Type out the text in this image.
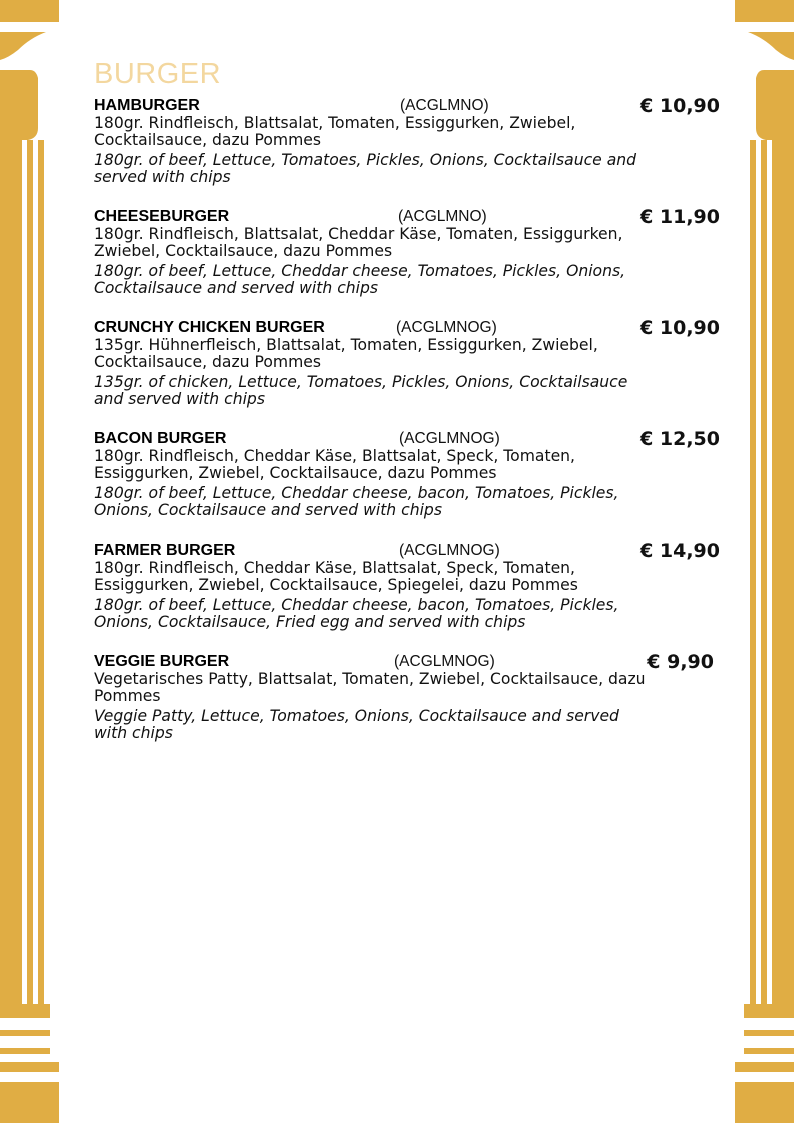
BURGER
HAMBURGER	(ACGLMNO)	€ 10,90
180gr. Rindfleisch, Blattsalat, Tomaten, Essiggurken, Zwiebel, Cocktailsauce, dazu Pommes
180gr. of beef, Lettuce, Tomatoes, Pickles, Onions, Cocktailsauce and served with chips
CHEESEBURGER	(ACGLMNO)	€ 11,90
180gr. Rindfleisch, Blattsalat, Cheddar Käse, Tomaten, Essiggurken, Zwiebel, Cocktailsauce, dazu Pommes
180gr. of beef, Lettuce, Cheddar cheese, Tomatoes, Pickles, Onions, Cocktailsauce and served with chips
CRUNCHY CHICKEN BURGER	(ACGLMNOG)	€ 10,90
135gr. Hühnerfleisch, Blattsalat, Tomaten, Essiggurken, Zwiebel, Cocktailsauce, dazu Pommes
135gr. of chicken, Lettuce, Tomatoes, Pickles, Onions, Cocktailsauce and served with chips
BACON BURGER	(ACGLMNOG)	€ 12,50
180gr. Rindfleisch, Cheddar Käse, Blattsalat, Speck, Tomaten, Essiggurken, Zwiebel, Cocktailsauce, dazu Pommes
180gr. of beef, Lettuce, Cheddar cheese, bacon, Tomatoes, Pickles, Onions, Cocktailsauce and served with chips
FARMER BURGER	(ACGLMNOG)	€ 14,90
180gr. Rindfleisch, Cheddar Käse, Blattsalat, Speck, Tomaten, Essiggurken, Zwiebel, Cocktailsauce, Spiegelei, dazu Pommes
180gr. of beef, Lettuce, Cheddar cheese, bacon, Tomatoes, Pickles, Onions, Cocktailsauce, Fried egg and served with chips
VEGGIE BURGER	(ACGLMNOG)	€ 9,90
Vegetarisches Patty, Blattsalat, Tomaten, Zwiebel, Cocktailsauce, dazu Pommes
Veggie Patty, Lettuce, Tomatoes, Onions, Cocktailsauce and served with chips
